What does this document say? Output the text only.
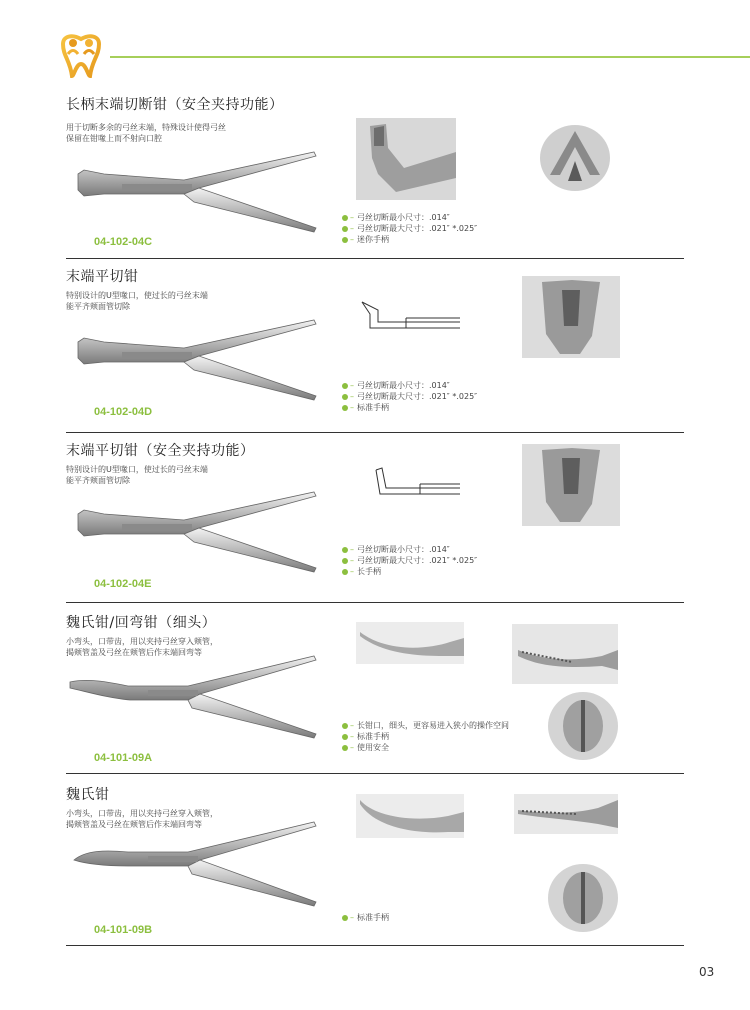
长柄末端切断钳（安全夹持功能）
用于切断多余的弓丝末端，特殊设计使得弓丝
保留在钳喙上而不射向口腔
04-102-04C
– 弓丝切断最小尺寸：.014″
– 弓丝切断最大尺寸：.021″ *.025″
– 迷你手柄
末端平切钳
特别设计的U型喙口，使过长的弓丝末端
能平齐颊面管切除
04-102-04D
– 弓丝切断最小尺寸：.014″
– 弓丝切断最大尺寸：.021″ *.025″
– 标准手柄
末端平切钳（安全夹持功能）
特别设计的U型喙口，使过长的弓丝末端
能平齐颊面管切除
04-102-04E
– 弓丝切断最小尺寸：.014″
– 弓丝切断最大尺寸：.021″ *.025″
– 长手柄
魏氏钳/回弯钳（细头）
小弯头，口带齿，用以夹持弓丝穿入颊管，
揭颊管盖及弓丝在颊管后作末端回弯等
04-101-09A
– 长钳口，细头，更容易进入狭小的操作空间
– 标准手柄
– 使用安全
魏氏钳
小弯头，口带齿，用以夹持弓丝穿入颊管，
揭颊管盖及弓丝在颊管后作末端回弯等
04-101-09B
– 标准手柄
03
